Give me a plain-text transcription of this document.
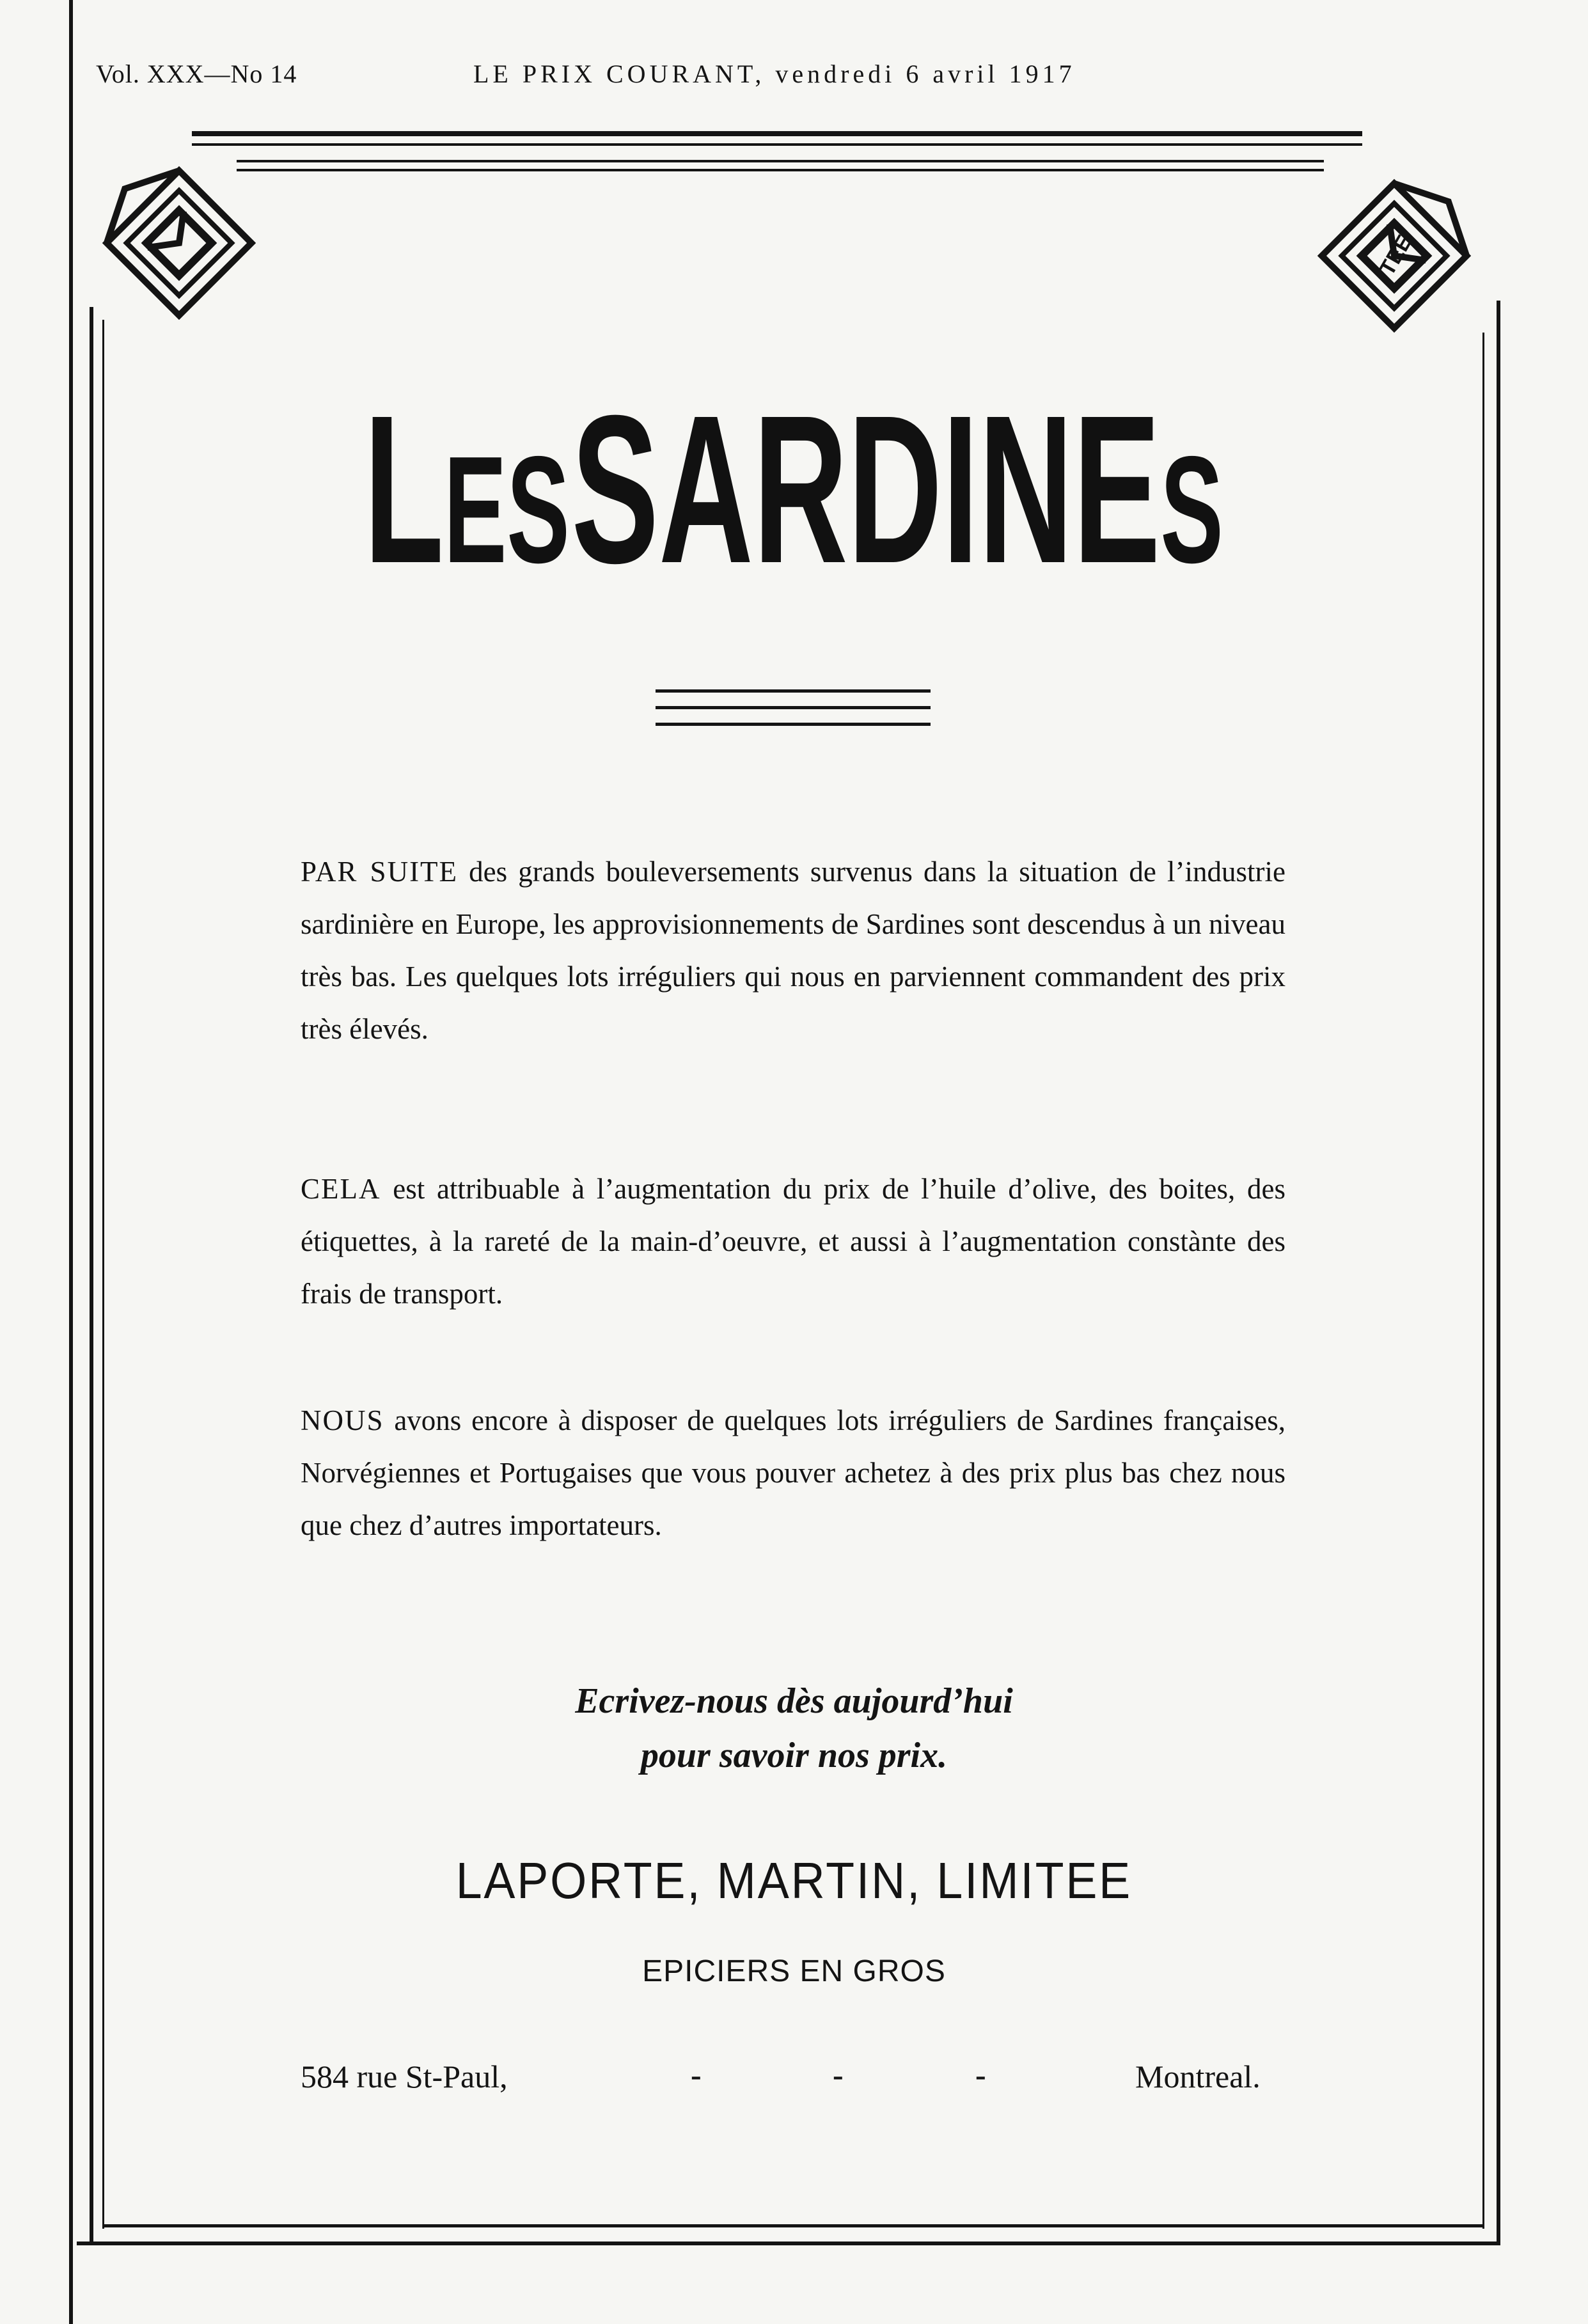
Vol. XXX—No 14	LE PRIX COURANT, vendredi 6 avril 1917
TEE
LES SARDINES
PAR SUITE des grands bouleversements survenus dans la situation de l’industrie sardinière en Europe, les approvisionnements de Sardines sont descendus à un niveau très bas. Les quelques lots irréguliers qui nous en parviennent commandent des prix très élevés.
CELA est attribuable à l’augmentation du prix de l’huile d’olive, des boites, des étiquettes, à la rareté de la main-d’oeuvre, et aussi à l’augmentation constànte des frais de transport.
NOUS avons encore à disposer de quelques lots irréguliers de Sardines françaises, Norvégiennes et Portugaises que vous pouver achetez à des prix plus bas chez nous que chez d’autres importateurs.
Ecrivez-nous dès aujourd’hui
pour savoir nos prix.
LAPORTE, MARTIN, LIMITEE
EPICIERS EN GROS
584 rue St-Paul,	-	-	-	Montreal.
